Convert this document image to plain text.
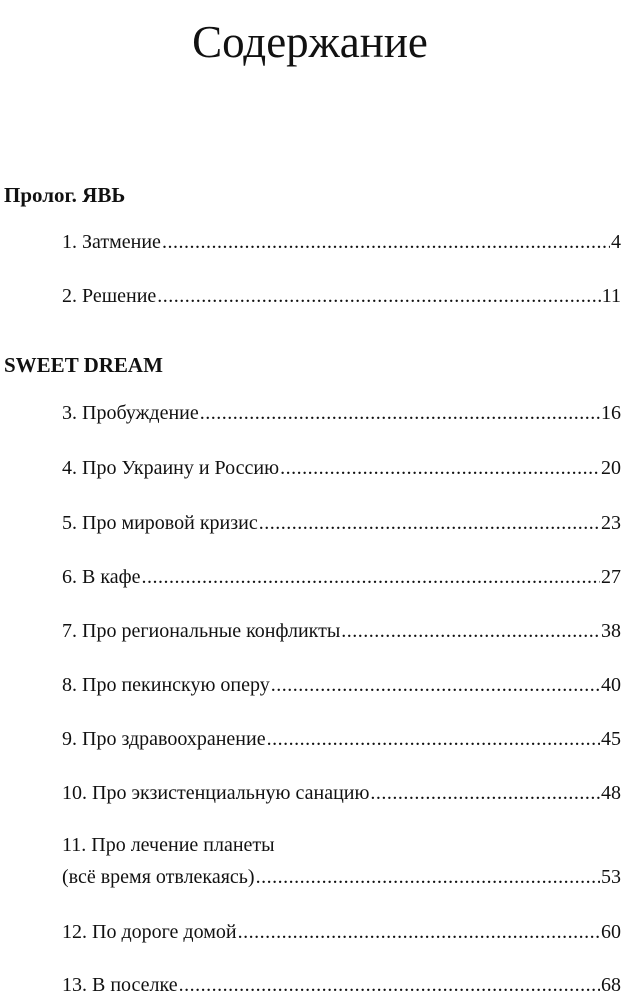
Содержание
Пролог. ЯВЬ
1. Затмение .....	4
2. Решение .....	11
SWEET DREAM
3. Пробуждение .....	16
4. Про Украину и Россию .....	20
5. Про мировой кризис .....	23
6. В кафе .....	27
7. Про региональные конфликты .....	38
8. Про пекинскую оперу .....	40
9. Про здравоохранение .....	45
10. Про экзистенциальную санацию .....	48
11. Про лечение планеты
(всё время отвлекаясь) .....	53
12. По дороге домой .....	60
13. В поселке .....	68
